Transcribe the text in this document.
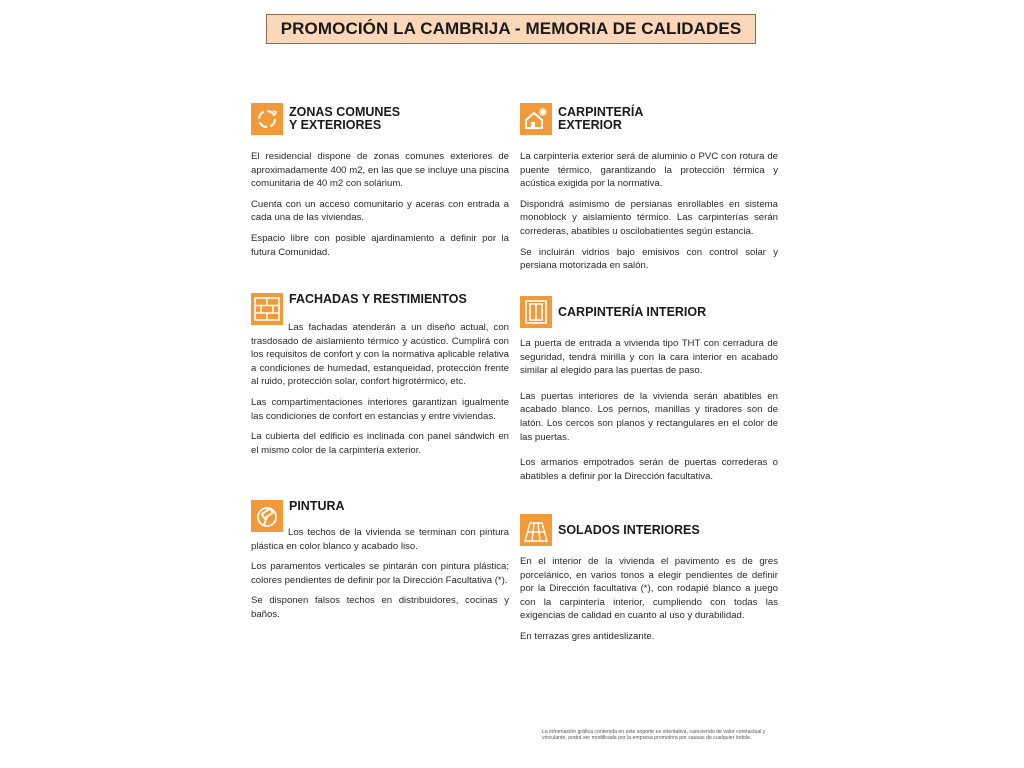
PROMOCIÓN LA CAMBRIJA - MEMORIA DE CALIDADES
ZONAS COMUNES
Y EXTERIORES

El residencial dispone de zonas comunes exteriores de aproximadamente 400 m2, en las que se incluye una piscina comunitaria de 40 m2 con solárium.

Cuenta con un acceso comunitario y aceras con entrada a cada una de las viviendas.

Espacio libre con posible ajardinamiento a definir por la futura Comunidad.

CARPINTERÍA
EXTERIOR

La carpintería exterior será de aluminio o PVC con rotura de puente térmico, garantizando la protección térmica y acústica exigida por la normativa.

Dispondrá asimismo de persianas enrollables en sistema monoblock y aislamiento térmico. Las carpinterías serán correderas, abatibles u oscilobatientes según estancia.

Se incluirán vidrios bajo emisivos con control solar y persiana motorizada en salón.

FACHADAS Y RESTIMIENTOS

Las fachadas atenderán a un diseño actual, con trasdosado de aislamiento térmico y acústico. Cumplirá con los requisitos de confort y con la normativa aplicable relativa a condiciones de humedad, estanqueidad, protección frente al ruido, protección solar, confort higrotérmico, etc.

Las compartimentaciones interiores garantizan igualmente las condiciones de confort en estancias y entre viviendas.

La cubierta del edificio es inclinada con panel sándwich en el mismo color de la carpintería exterior.

CARPINTERÍA INTERIOR

La puerta de entrada a vivienda tipo THT con cerradura de seguridad, tendrá mirilla y con la cara interior en acabado similar al elegido para las puertas de paso.

Las puertas interiores de la vivienda serán abatibles en acabado blanco. Los pernos, manillas y tiradores son de latón. Los cercos son planos y rectangulares en el color de las puertas.

Los armarios empotrados serán de puertas correderas o abatibles a definir por la Dirección facultativa.

PINTURA

Los techos de la vivienda se terminan con pintura plástica en color blanco y acabado liso.

Los paramentos verticales se pintarán con pintura plástica; colores pendientes de definir por la Dirección Facultativa (*).

Se disponen falsos techos en distribuidores, cocinas y baños.

SOLADOS INTERIORES

En el interior de la vivienda el pavimento es de gres porcelánico, en varios tonos a elegir pendientes de definir por la Dirección facultativa (*), con rodapié blanco a juego con la carpintería interior, cumpliendo con todas las exigencias de calidad en cuanto al uso y durabilidad.

En terrazas gres antideslizante.

La información gráfica contenida en este soporte es orientativa, careciendo de valor contractual y vinculante, podrá ser modificada por la empresa promotora por causas de cualquier índole.
